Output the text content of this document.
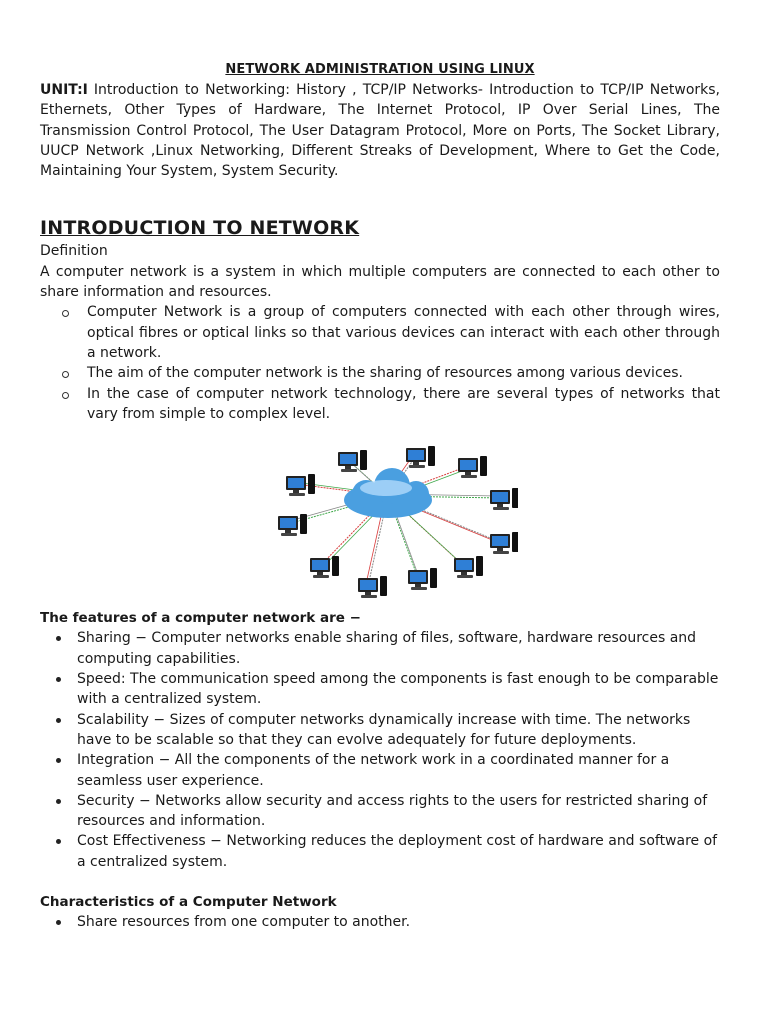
NETWORK ADMINISTRATION USING LINUX

UNIT:I Introduction to Networking: History , TCP/IP Networks- Introduction to TCP/IP Networks, Ethernets, Other Types of Hardware, The Internet Protocol, IP Over Serial Lines, The Transmission Control Protocol, The User Datagram Protocol, More on Ports, The Socket Library, UUCP Network ,Linux Networking, Different Streaks of Development, Where to Get the Code, Maintaining Your System, System Security.

INTRODUCTION TO NETWORK

Definition

A computer network is a system in which multiple computers are connected to each other to share information and resources.

Computer Network is a group of computers connected with each other through wires, optical fibres or optical links so that various devices can interact with each other through a network.
The aim of the computer network is the sharing of resources among various devices.
In the case of computer network technology, there are several types of networks that vary from simple to complex level.

The features of a computer network are −

Sharing − Computer networks enable sharing of files, software, hardware resources and computing capabilities.
Speed: The communication speed among the components is fast enough to be comparable with a centralized system.
Scalability − Sizes of computer networks dynamically increase with time. The networks have to be scalable so that they can evolve adequately for future deployments.
Integration − All the components of the network work in a coordinated manner for a seamless user experience.
Security − Networks allow security and access rights to the users for restricted sharing of resources and information.
Cost Effectiveness − Networking reduces the deployment cost of hardware and software of a centralized system.

Characteristics of a Computer Network

Share resources from one computer to another.
